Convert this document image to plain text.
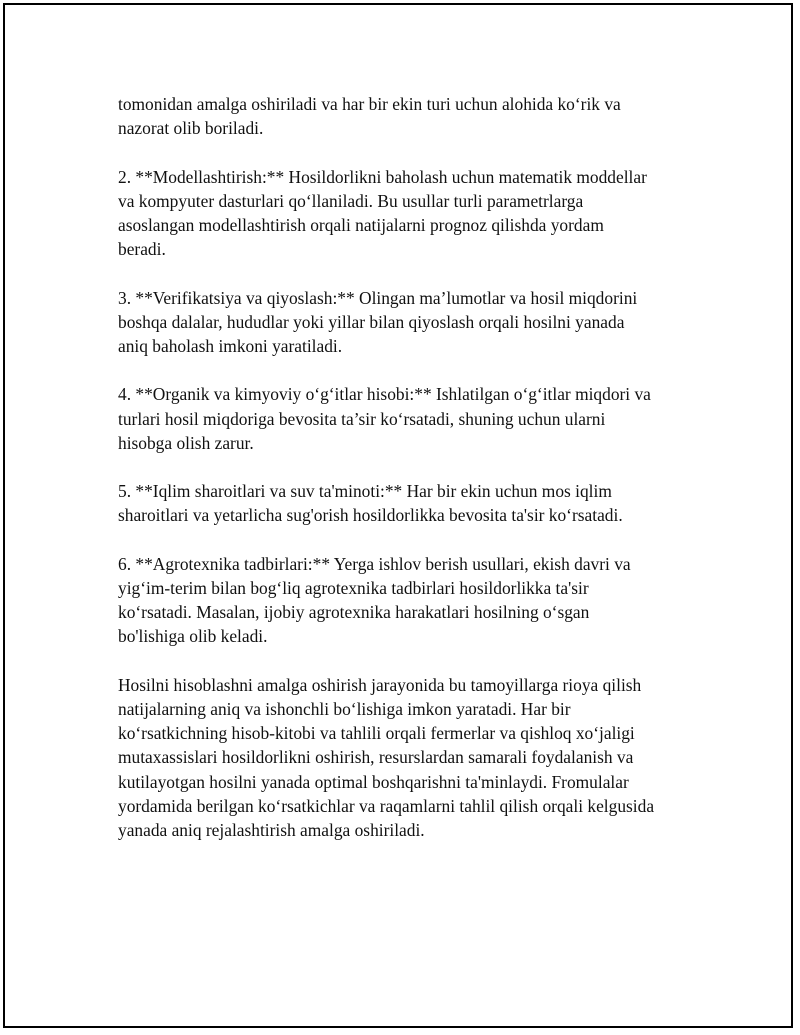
tomonidan amalga oshiriladi va har bir ekin turi uchun alohida ko‘rik va
nazorat olib boriladi.

2. **Modellashtirish:** Hosildorlikni baholash uchun matematik moddellar
va kompyuter dasturlari qo‘llaniladi. Bu usullar turli parametrlarga
asoslangan modellashtirish orqali natijalarni prognoz qilishda yordam
beradi.

3. **Verifikatsiya va qiyoslash:** Olingan ma’lumotlar va hosil miqdorini
boshqa dalalar, hududlar yoki yillar bilan qiyoslash orqali hosilni yanada
aniq baholash imkoni yaratiladi.

4. **Organik va kimyoviy o‘g‘itlar hisobi:** Ishlatilgan o‘g‘itlar miqdori va
turlari hosil miqdoriga bevosita ta’sir ko‘rsatadi, shuning uchun ularni
hisobga olish zarur.

5. **Iqlim sharoitlari va suv ta'minoti:** Har bir ekin uchun mos iqlim
sharoitlari va yetarlicha sug'orish hosildorlikka bevosita ta'sir ko‘rsatadi.

6. **Agrotexnika tadbirlari:** Yerga ishlov berish usullari, ekish davri va
yig‘im-terim bilan bog‘liq agrotexnika tadbirlari hosildorlikka ta'sir
ko‘rsatadi. Masalan, ijobiy agrotexnika harakatlari hosilning o‘sgan
bo'lishiga olib keladi.

Hosilni hisoblashni amalga oshirish jarayonida bu tamoyillarga rioya qilish
natijalarning aniq va ishonchli bo‘lishiga imkon yaratadi. Har bir
ko‘rsatkichning hisob-kitobi va tahlili orqali fermerlar va qishloq xo‘jaligi
mutaxassislari hosildorlikni oshirish, resurslardan samarali foydalanish va
kutilayotgan hosilni yanada optimal boshqarishni ta'minlaydi. Fromulalar
yordamida berilgan ko‘rsatkichlar va raqamlarni tahlil qilish orqali kelgusida
yanada aniq rejalashtirish amalga oshiriladi.
